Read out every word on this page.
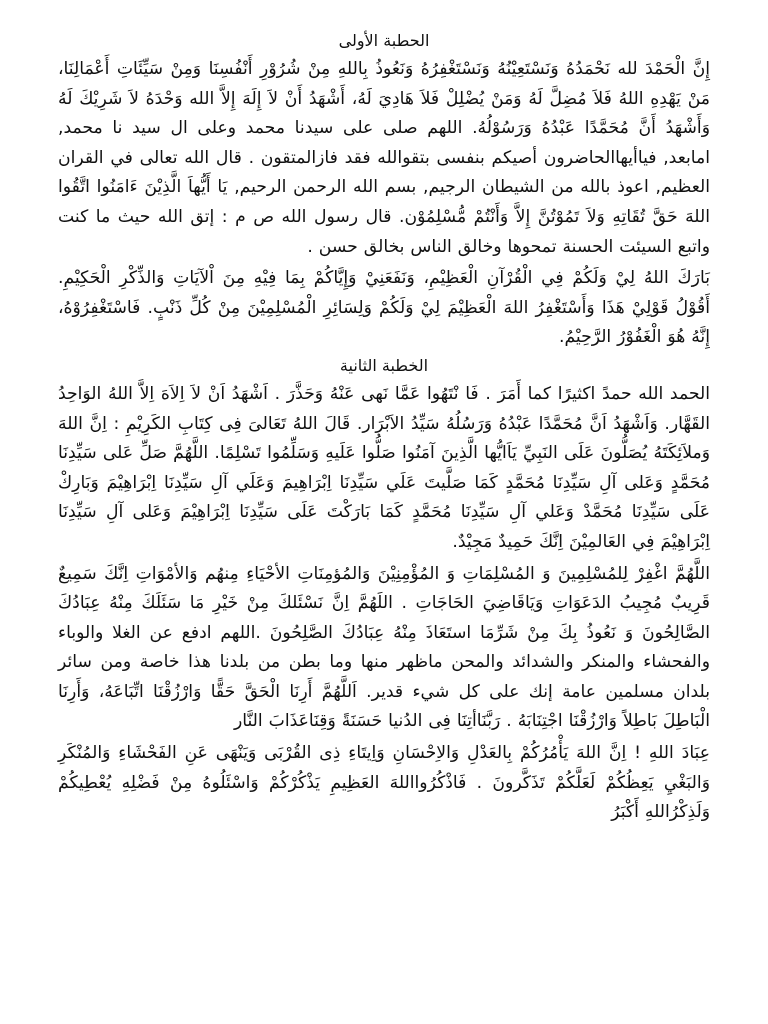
الحطبة الأولى

إِنَّ الْحَمْدَ لله نَحْمَدُهُ وَنَسْتَعِيْنُهُ وَنَسْتَغْفِرُهُ وَنَعُوذُ بِاللهِ مِنْ شُرُوْرِ أَنْفُسِنَا وَمِنْ سَيِّئَاتِ أَعْمَالِنَا، مَنْ يَهْدِهِ اللهُ فَلاَ مُضِلَّ لَهُ وَمَنْ يُضْلِلْ فَلاَ هَادِيَ لَهُ، أَشْهَدُ أَنْ لاَ إِلَهَ إِلاَّ الله وَحْدَهُ لاَ شَرِيْكَ لَهُ وَأَشْهَدُ أَنَّ مُحَمَّدًا عَبْدُهُ وَرَسُوْلُهُ. اللهم صلى على سيدنا محمد وعلى ال سيد نا محمد, امابعد, فياأيهاالحاضرون أصيكم بنفسى بتقوالله فقد فازالمتقون . قال الله تعالى في القران العظيم, اعوذ بالله من الشيطان الرجيم, بسم الله الرحمن الرحيم, يَا أَيُّهاَ الَّذِيْنَ ءَامَنُوا اتَّقُوا اللهَ حَقَّ تُقَاتِهِ وَلاَ تَمُوْتُنَّ إِلاَّ وَأَنْتُمْ مُّسْلِمُوْن. قال رسول الله ص م : إتق الله حيث ما كنت واتبع السيئت الحسنة تمحوها وخالق الناس بخالق حسن .

بَارَكَ اللهُ لِيْ وَلَكُمْ فِي الْقُرْآنِ الْعَظِيْمِ، وَنَفَعَنِيْ وَإِيَّاكُمْ بِمَا فِيْهِ مِنَ اْلآيَاتِ وَالذِّكْرِ الْحَكِيْمِ. أَقُوْلُ قَوْلِيْ هَذَا وَأَسْتَغْفِرُ اللهَ الْعَظِيْمَ لِيْ وَلَكُمْ وَلِسَائِرِ الْمُسْلِمِيْنَ مِنْ كُلِّ ذَنْبٍ. فَاسْتَغْفِرُوْهُ، إِنَّهُ هُوَ الْغَفُوْرُ الرَّحِيْمُ.

الخطبة الثانية

الحمد الله حمدً اكثيرًا كما أَمَرَ . فَا نْتَهُوا عَمَّا نَهى عَنْهُ وَحَذَّرَ . اَشْهَدُ اَنْ لاَ اِلاَهَ اِلاَّ اللهُ الوَاحِدُ القَهَّار. وَاَشْهَدُ اَنَّ مُحَمَّدًا عَبْدُهُ وَرَسُلُهُ سَيِّدُ الاَبْرَار. قَالَ اللهُ تَعَالىَ فِى كِتَابِ الكَرِيْمِ : اِنَّ اللهَ وَملاَئِكَتَهُ يُصَلُّونَ عَلَى النَبِيِّ يَاَايُّها الَّذِينَ آمَنُوا صَلُّوا عَلَيهِ وَسَلِّمُوا تَسْلِمًا. اللَّهُمَّ صَلِّ عَلى سَيِّدِنَا مُحَمَّدٍ وَعَلى آلِ سَيِّدِنَا مُحَمَّدٍ كَمَا صَلَّيتَ عَلَي سَيِّدِنَا اِبْرَاهِيمَ وَعَلَي آلِ سَيِّدِنَا اِبْرَاهِيْمَ وَبَارِكْ عَلَى سَيِّدِنَا مُحَمَّدْ وَعَلي آلِ سَيِّدِنَا مُحَمَّدٍ كَمَا بَارَكْتَ عَلَى سَيِّدِنَا اِبْرَاهِيْمَ وَعَلى آلِ سَيِّدِنَا اِبْرَاهِيْمَ فِي العَالمِيْنَ اِنَّكَ حَمِيدٌ مَجِيْدٌ.

اللَّهُمَّ اغْفِرْ لِلمُسْلِمِينَ وَ المُسْلِمَاتِ وَ المُؤْمِنِيْنَ وَالمُؤمِنَاتِ الأحْيَاءِ مِنهُم وَالأمْوَاتِ اِنَّكَ سَمِيعٌ قَرِيبٌ مُجِيبُ الدَعَوَاتِ وَيَاقَاضِيَ الحَاجَاتِ . اللَهُمَّ اِنَّ نَسْئَلكَ مِنْ خَيْرِ مَا سَئَلَكَ مِنْهُ عِبَادُكَ الصَّالِحُونَ وَ نَعُوذُ بِكَ مِنْ شَرِّمَا استَعَاذَ مِنْهُ عِبَادُكَ الصَّلِحُونَ .اللهم ادفع عن الغلا والوباء والفحشاء والمنكر والشدائد والمحن ماظهر منها وما بطن من بلدنا هذا خاصة ومن سائر بلدان مسلمين عامة إنك على كل شيء قدير. اَللَّهُمَّ أَرِنَا الْحَقَّ حَقًّا وَارْزُقْنَا اتِّبَاعَهُ، وَأَرِنَا الْبَاطِلَ بَاطِلاً وَارْزُقْنَا اجْتِنَابَهُ . رَبَّنَاأتِنَا فِى الدُنيا حَسَنَةً وَقِنَاعَذَابَ النَّار

عِبَادَ اللهِ ! اِنَّ اللهَ يَأْمُرُكُمْ بِالعَدْلِ وَالاِحْسَانِ وَاِيتَاءِ ذِى القُرْبَى وَيَنْهَى عَنِ الفَحْشَاءِ وَالمُنْكَرِ وَالبَغْيِ يَعِظُكُمْ لَعَلَّكُمْ تَذَكَّرونَ . فَاذْكُرُوااللهَ العَظِيمِ يَذْكُرْكُمْ وَاسْئَلُوهُ مِنْ فَضْلِهِ يُعْطِيكُمْ وَلَذِكْرُاللهِ أَكْبَرُ
